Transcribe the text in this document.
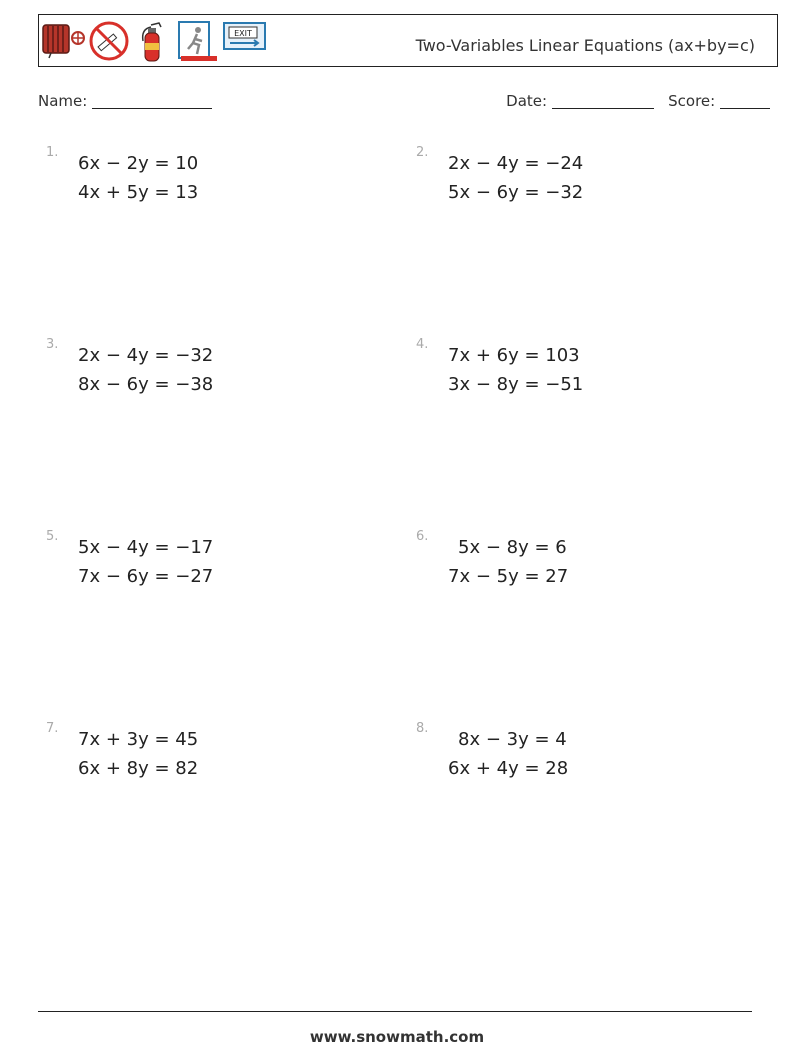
EXIT
Two-Variables Linear Equations (ax+by=c)
Name:	Date:	Score:
1.
6x − 2y = 10
4x + 5y = 13
2.
2x − 4y = −24
5x − 6y = −32
3.
2x − 4y = −32
8x − 6y = −38
4.
7x + 6y = 103
3x − 8y = −51
5.
5x − 4y = −17
7x − 6y = −27
6.
5x − 8y = 6
7x − 5y = 27
7.
7x + 3y = 45
6x + 8y = 82
8.
8x − 3y = 4
6x + 4y = 28
www.snowmath.com
